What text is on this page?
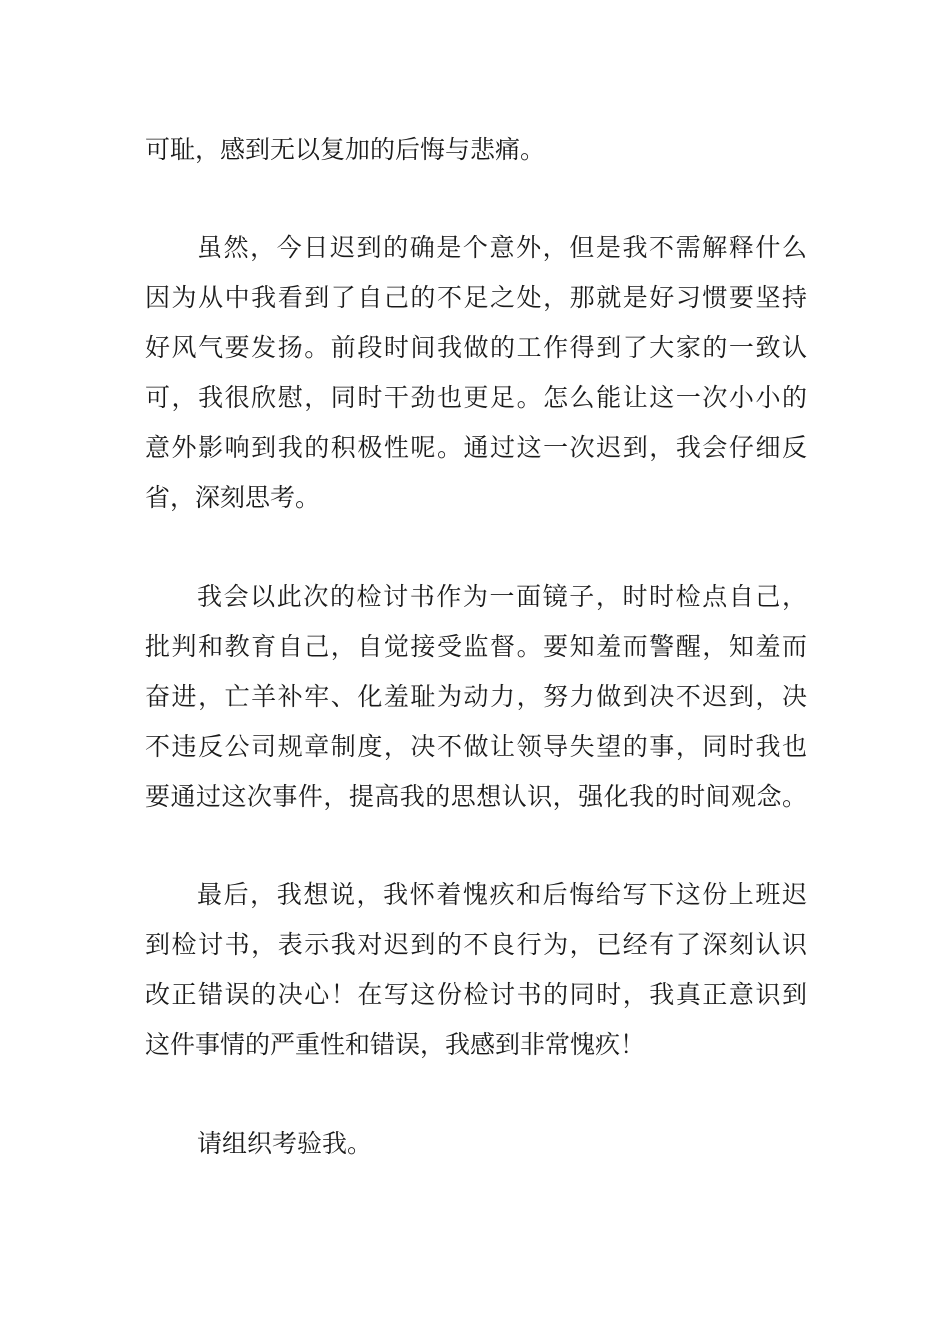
可耻，感到无以复加的后悔与悲痛。
虽然，今日迟到的确是个意外，但是我不需解释什么
因为从中我看到了自己的不足之处，那就是好习惯要坚持
好风气要发扬。前段时间我做的工作得到了大家的一致认
可，我很欣慰，同时干劲也更足。怎么能让这一次小小的
意外影响到我的积极性呢。通过这一次迟到，我会仔细反
省，深刻思考。
我会以此次的检讨书作为一面镜子，时时检点自己，
批判和教育自己，自觉接受监督。要知羞而警醒，知羞而
奋进，亡羊补牢、化羞耻为动力，努力做到决不迟到，决
不违反公司规章制度，决不做让领导失望的事，同时我也
要通过这次事件，提高我的思想认识，强化我的时间观念。
最后，我想说，我怀着愧疚和后悔给写下这份上班迟
到检讨书，表示我对迟到的不良行为，已经有了深刻认识
改正错误的决心！在写这份检讨书的同时，我真正意识到
这件事情的严重性和错误，我感到非常愧疚！
请组织考验我。
